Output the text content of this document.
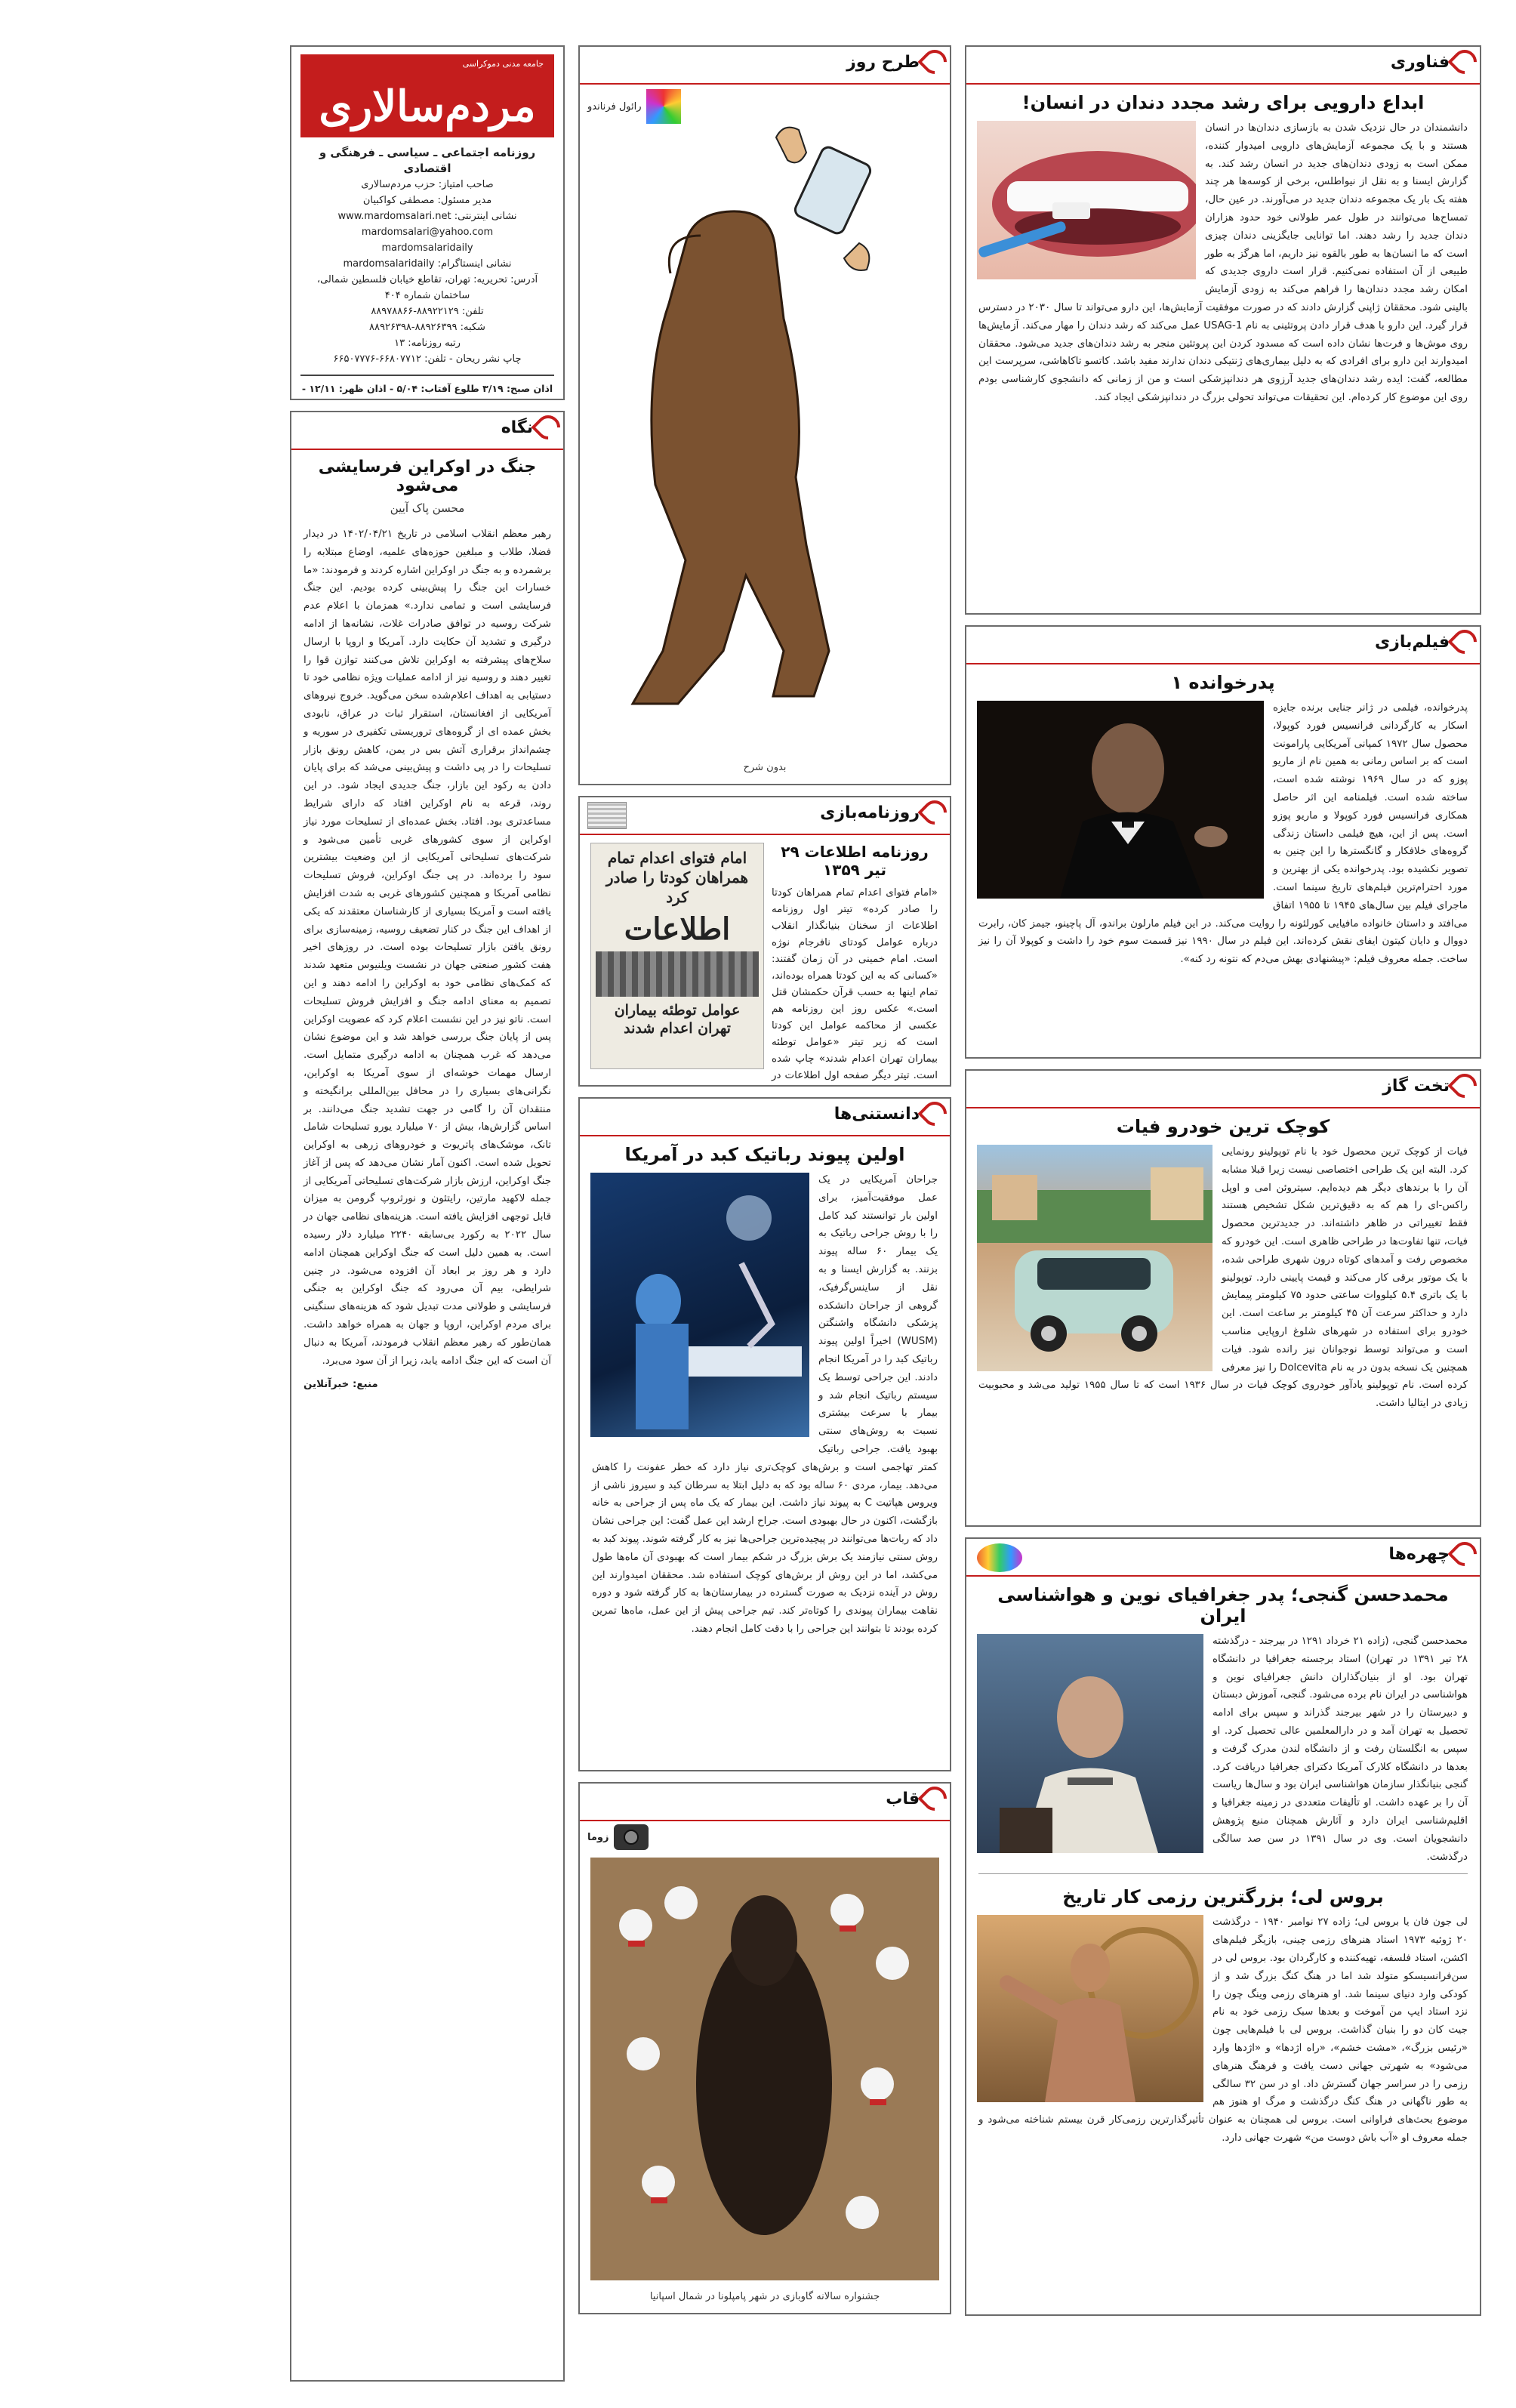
فناوری
ابداع دارویی برای رشد مجدد دندان در انسان!
دانشمندان در حال نزدیک شدن به بازسازی دندان‌ها در انسان هستند و با یک مجموعه آزمایش‌های دارویی امیدوار کننده، ممکن است به زودی دندان‌های جدید در انسان رشد کند. به گزارش ایسنا و به نقل از نیواطلس، برخی از کوسه‌ها هر چند هفته یک بار یک مجموعه دندان جدید در می‌آورند. در عین حال، تمساح‌ها می‌توانند در طول عمر طولانی خود حدود هزاران دندان جدید را رشد دهند. اما توانایی جایگزینی دندان چیزی است که ما انسان‌ها به طور بالقوه نیز داریم، اما هرگز به طور طبیعی از آن استفاده نمی‌کنیم. قرار است داروی جدیدی که امکان رشد مجدد دندان‌ها را فراهم می‌کند به زودی آزمایش بالینی شود. محققان ژاپنی گزارش دادند که در صورت موفقیت آزمایش‌ها، این دارو می‌تواند تا سال ۲۰۳۰ در دسترس قرار گیرد. این دارو با هدف قرار دادن پروتئینی به نام USAG-1 عمل می‌کند که رشد دندان را مهار می‌کند. آزمایش‌ها روی موش‌ها و فرت‌ها نشان داده است که مسدود کردن این پروتئین منجر به رشد دندان‌های جدید می‌شود. محققان امیدوارند این دارو برای افرادی که به دلیل بیماری‌های ژنتیکی دندان ندارند مفید باشد. کاتسو تاکاهاشی، سرپرست این مطالعه، گفت: ایده رشد دندان‌های جدید آرزوی هر دندانپزشکی است و من از زمانی که دانشجوی کارشناسی بودم روی این موضوع کار کرده‌ام. این تحقیقات می‌تواند تحولی بزرگ در دندانپزشکی ایجاد کند.
فیلم‌بازی
پدرخوانده ۱
پدرخوانده، فیلمی در ژانر جنایی برنده جایزه اسکار به کارگردانی فرانسیس فورد کوپولا، محصول سال ۱۹۷۲ کمپانی آمریکایی پارامونت است که بر اساس رمانی به همین نام از ماریو پوزو که در سال ۱۹۶۹ نوشته شده است، ساخته شده است. فیلمنامه این اثر حاصل همکاری فرانسیس فورد کوپولا و ماریو پوزو است. پس از این، هیچ فیلمی داستان زندگی گروه‌های خلافکار و گانگسترها را این چنین به تصویر نکشیده بود. پدرخوانده یکی از بهترین و مورد احترام‌ترین فیلم‌های تاریخ سینما است. ماجرای فیلم بین سال‌های ۱۹۴۵ تا ۱۹۵۵ اتفاق می‌افتد و داستان خانواده مافیایی کورلئونه را روایت می‌کند. در این فیلم مارلون براندو، آل پاچینو، جیمز کان، رابرت دووال و دایان کیتون ایفای نقش کرده‌اند. این فیلم در سال ۱۹۹۰ نیز قسمت سوم خود را داشت و کوپولا آن را نیز ساخت. جمله معروف فیلم: «پیشنهادی بهش می‌دم که نتونه رد کنه».
تخت گاز
کوچک ترین خودرو فیات
فیات از کوچک ترین محصول خود با نام توپولینو رونمایی کرد. البته این یک طراحی اختصاصی نیست زیرا قبلا مشابه آن را با برندهای دیگر هم دیده‌ایم. سیتروئن امی و اوپل راکس-ای را هم که به دقیق‌ترین شکل تشخیص هستند فقط تغییراتی در ظاهر داشته‌اند. در جدیدترین محصول فیات، تنها تفاوت‌ها در طراحی ظاهری است. این خودرو که مخصوص رفت و آمدهای کوتاه درون شهری طراحی شده، با یک موتور برقی کار می‌کند و قیمت پایینی دارد. توپولینو با یک باتری ۵.۴ کیلووات ساعتی حدود ۷۵ کیلومتر پیمایش دارد و حداکثر سرعت آن ۴۵ کیلومتر بر ساعت است. این خودرو برای استفاده در شهرهای شلوغ اروپایی مناسب است و می‌تواند توسط نوجوانان نیز رانده شود. فیات همچنین یک نسخه بدون در به نام Dolcevita را نیز معرفی کرده است. نام توپولینو یادآور خودروی کوچک فیات در سال ۱۹۳۶ است که تا سال ۱۹۵۵ تولید می‌شد و محبوبیت زیادی در ایتالیا داشت.
چهره‌ها
محمدحسن گنجی؛ پدر جغرافیای نوین و هواشناسی ایران
محمدحسن گنجی، (زاده ۲۱ خرداد ۱۲۹۱ در بیرجند - درگذشته ۲۸ تیر ۱۳۹۱ در تهران) استاد برجسته جغرافیا در دانشگاه تهران بود. او از بنیان‌گذاران دانش جغرافیای نوین و هواشناسی در ایران نام برده می‌شود. گنجی، آموزش دبستان و دبیرستان را در شهر بیرجند گذراند و سپس برای ادامه تحصیل به تهران آمد و در دارالمعلمین عالی تحصیل کرد. او سپس به انگلستان رفت و از دانشگاه لندن مدرک گرفت و بعدها در دانشگاه کلارک آمریکا دکترای جغرافیا دریافت کرد. گنجی بنیانگذار سازمان هواشناسی ایران بود و سال‌ها ریاست آن را بر عهده داشت. او تألیفات متعددی در زمینه جغرافیا و اقلیم‌شناسی ایران دارد و آثارش همچنان منبع پژوهش دانشجویان است. وی در سال ۱۳۹۱ در سن صد سالگی درگذشت.
بروس لی؛ بزرگترین رزمی کار تاریخ
لی جون فان یا بروس لی؛ زاده ۲۷ نوامبر ۱۹۴۰ - درگذشت ۲۰ ژوئیه ۱۹۷۳ استاد هنرهای رزمی چینی، بازیگر فیلم‌های اکشن، استاد فلسفه، تهیه‌کننده و کارگردان بود. بروس لی در سن‌فرانسیسکو متولد شد اما در هنگ کنگ بزرگ شد و از کودکی وارد دنیای سینما شد. او هنرهای رزمی وینگ چون را نزد استاد ایپ من آموخت و بعدها سبک رزمی خود به نام جیت کان دو را بنیان گذاشت. بروس لی با فیلم‌هایی چون «رئیس بزرگ»، «مشت خشم»، «راه اژدها» و «اژدها وارد می‌شود» به شهرتی جهانی دست یافت و فرهنگ هنرهای رزمی را در سراسر جهان گسترش داد. او در سن ۳۲ سالگی به طور ناگهانی در هنگ کنگ درگذشت و مرگ او هنوز هم موضوع بحث‌های فراوانی است. بروس لی همچنان به عنوان تأثیرگذارترین رزمی‌کار قرن بیستم شناخته می‌شود و جمله معروف او «آب باش دوست من» شهرت جهانی دارد.
طرح روز
رائول فرناندو
بدون شرح
روزنامه‌بازی
امام فتوای اعدام تمام همراهان کودتا را صادر کرد
اطلاعات
عوامل توطئه بیماران تهران اعدام شدند
روزنامه اطلاعات ۲۹ تیر ۱۳۵۹
«امام فتوای اعدام تمام همراهان کودتا را صادر کرده» تیتر اول روزنامه اطلاعات از سخنان بنیانگذار انقلاب درباره عوامل کودتای نافرجام نوژه است. امام خمینی در آن زمان گفتند: «کسانی که به این کودتا همراه بوده‌اند، تمام اینها به حسب قرآن حکمشان قتل است.» عکس روز این روزنامه هم عکسی از محاکمه عوامل این کودتا است که زیر تیتر «عوامل توطئه بیماران تهران اعدام شدند» چاپ شده است. تیتر دیگر صفحه اول اطلاعات در
دانستنی‌ها
اولین پیوند رباتیک کبد در آمریکا
جراحان آمریکایی در یک عمل موفقیت‌آمیز، برای اولین بار توانستند کبد کامل را با روش جراحی رباتیک به یک بیمار ۶۰ ساله پیوند بزنند. به گزارش ایسنا و به نقل از ساینس‌گرفیک، گروهی از جراحان دانشکده پزشکی دانشگاه واشنگتن (WUSM) اخیراً اولین پیوند رباتیک کبد را در آمریکا انجام دادند. این جراحی توسط یک سیستم رباتیک انجام شد و بیمار با سرعت بیشتری نسبت به روش‌های سنتی بهبود یافت. جراحی رباتیک کمتر تهاجمی است و برش‌های کوچک‌تری نیاز دارد که خطر عفونت را کاهش می‌دهد. بیمار، مردی ۶۰ ساله بود که به دلیل ابتلا به سرطان کبد و سیروز ناشی از ویروس هپاتیت C به پیوند نیاز داشت. این بیمار که یک ماه پس از جراحی به خانه بازگشت، اکنون در حال بهبودی است. جراح ارشد این عمل گفت: این جراحی نشان داد که ربات‌ها می‌توانند در پیچیده‌ترین جراحی‌ها نیز به کار گرفته شوند. پیوند کبد به روش سنتی نیازمند یک برش بزرگ در شکم بیمار است که بهبودی آن ماه‌ها طول می‌کشد، اما در این روش از برش‌های کوچک استفاده شد. محققان امیدوارند این روش در آینده نزدیک به صورت گسترده در بیمارستان‌ها به کار گرفته شود و دوره نقاهت بیماران پیوندی را کوتاه‌تر کند. تیم جراحی پیش از این عمل، ماه‌ها تمرین کرده بودند تا بتوانند این جراحی را با دقت کامل انجام دهند.
قاب
زوما
جشنواره سالانه گاوبازی در شهر پامپلونا در شمال اسپانیا
جامعه مدنی دموکراسی
مردم‌سالاری
روزنامه اجتماعی ـ سیاسی ـ فرهنگی و اقتصادی
صاحب امتیاز: حزب مردم‌سالاری
مدیر مسئول: مصطفی کواکبیان
نشانی اینترنتی: www.mardomsalari.net
mardomsalari@yahoo.com
mardomsalaridaily
نشانی اینستاگرام: mardomsalaridaily
آدرس: تحریریه: تهران، تقاطع خیابان فلسطین شمالی، ساختمان شماره ۴۰۴
تلفن: ۸۸۹۲۲۱۲۹-۸۸۹۷۸۸۶۶
شکبه: ۸۸۹۲۶۳۹۹-۸۸۹۲۶۳۹۸
رتبه روزنامه: ۱۳
چاپ نشر ریحان - تلفن: ۶۶۸۰۷۷۱۲-۶۶۵۰۷۷۷۶
اذان صبح: ۳/۱۹ طلوع آفتاب: ۵/۰۴ - اذان ظهر: ۱۲/۱۱ -
نگاه
جنگ در اوکراین فرسایشی می‌شود
محسن پاک آیین
رهبر معظم انقلاب اسلامی در تاریخ ۱۴۰۲/۰۴/۲۱ در دیدار فضلا، طلاب و مبلغین حوزه‌های علمیه، اوضاع مبتلابه را برشمرده و به جنگ در اوکراین اشاره کردند و فرمودند: «ما خسارات این جنگ را پیش‌بینی کرده بودیم. این جنگ فرسایشی است و تمامی ندارد.» همزمان با اعلام عدم شرکت روسیه در توافق صادرات غلات، نشانه‌ها از ادامه درگیری و تشدید آن حکایت دارد. آمریکا و اروپا با ارسال سلاح‌های پیشرفته به اوکراین تلاش می‌کنند توازن قوا را تغییر دهند و روسیه نیز از ادامه عملیات ویژه نظامی خود تا دستیابی به اهداف اعلام‌شده سخن می‌گوید. خروج نیروهای آمریکایی از افغانستان، استقرار ثبات در عراق، نابودی بخش عمده ای از گروه‌های تروریستی تکفیری در سوریه و چشم‌انداز برقراری آتش بس در یمن، کاهش رونق بازار تسلیحات را در پی داشت و پیش‌بینی می‌شد که برای پایان دادن به رکود این بازار، جنگ جدیدی ایجاد شود. در این روند، قرعه به نام اوکراین افتاد که دارای شرایط مساعدتری بود. افتاد. بخش عمده‌ای از تسلیحات مورد نیاز اوکراین از سوی کشورهای غربی تأمین می‌شود و شرکت‌های تسلیحاتی آمریکایی از این وضعیت بیشترین سود را برده‌اند. در پی جنگ اوکراین، فروش تسلیحات نظامی آمریکا و همچنین کشورهای غربی به شدت افزایش یافته است و آمریکا بسیاری از کارشناسان معتقدند که یکی از اهداف این جنگ در کنار تضعیف روسیه، زمینه‌سازی برای رونق یافتن بازار تسلیحات بوده است. در روزهای اخیر هفت کشور صنعتی جهان در نشست ویلنیوس متعهد شدند که کمک‌های نظامی خود به اوکراین را ادامه دهند و این تصمیم به معنای ادامه جنگ و افزایش فروش تسلیحات است. ناتو نیز در این نشست اعلام کرد که عضویت اوکراین پس از پایان جنگ بررسی خواهد شد و این موضوع نشان می‌دهد که غرب همچنان به ادامه درگیری متمایل است. ارسال مهمات خوشه‌ای از سوی آمریکا به اوکراین، نگرانی‌های بسیاری را در محافل بین‌المللی برانگیخته و منتقدان آن را گامی در جهت تشدید جنگ می‌دانند. بر اساس گزارش‌ها، بیش از ۷۰ میلیارد یورو تسلیحات شامل تانک، موشک‌های پاتریوت و خودروهای زرهی به اوکراین تحویل شده است. اکنون آمار نشان می‌دهد که پس از آغاز جنگ اوکراین، ارزش بازار شرکت‌های تسلیحاتی آمریکایی از جمله لاکهید مارتین، رایتئون و نورثروپ گرومن به میزان قابل توجهی افزایش یافته است. هزینه‌های نظامی جهان در سال ۲۰۲۲ به رکورد بی‌سابقه ۲۲۴۰ میلیارد دلار رسیده است. به همین دلیل است که جنگ اوکراین همچنان ادامه دارد و هر روز بر ابعاد آن افزوده می‌شود. در چنین شرایطی، بیم آن می‌رود که جنگ اوکراین به جنگی فرسایشی و طولانی مدت تبدیل شود که هزینه‌های سنگینی برای مردم اوکراین، اروپا و جهان به همراه خواهد داشت. همان‌طور که رهبر معظم انقلاب فرمودند، آمریکا به دنبال آن است که این جنگ ادامه یابد، زیرا از آن سود می‌برد.
منبع: خبرآنلاین
